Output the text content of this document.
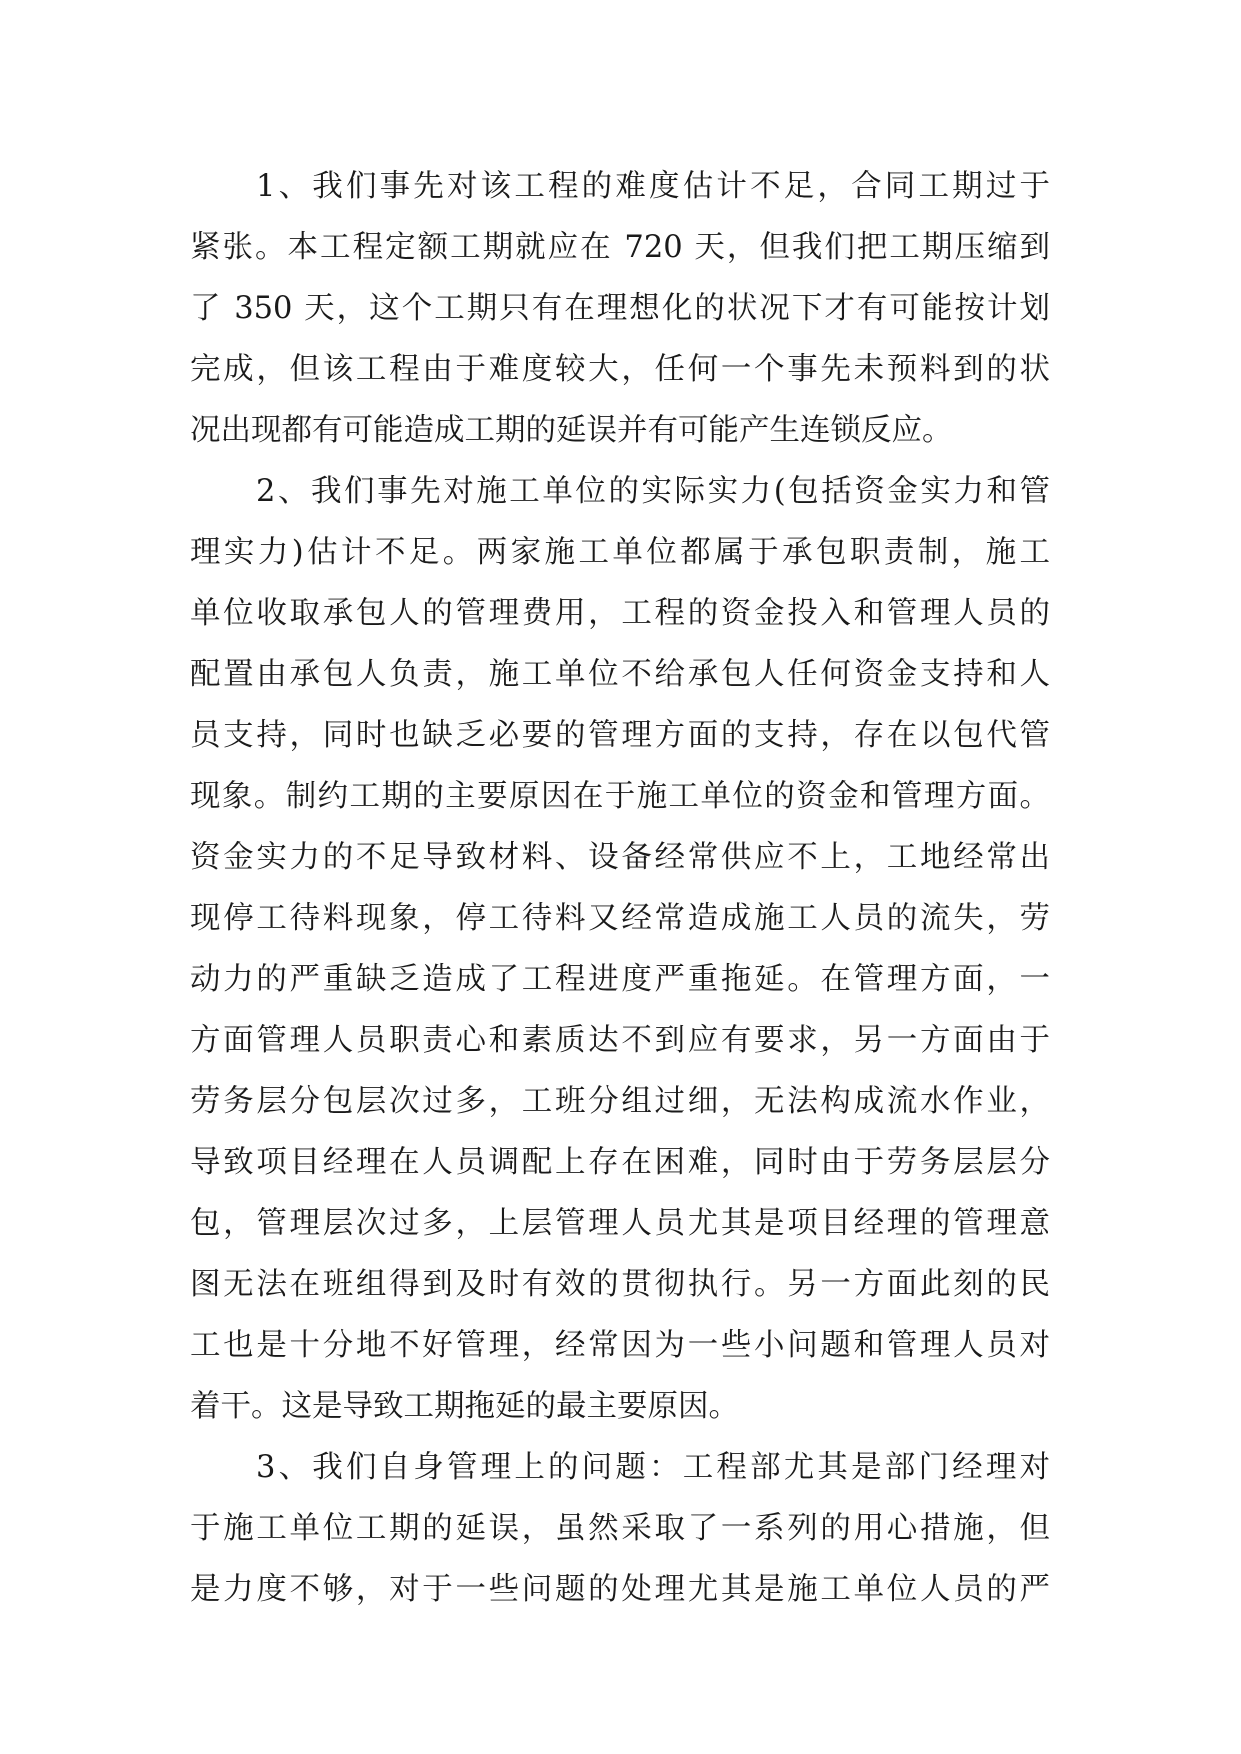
1、我们事先对该工程的难度估计不足，合同工期过于
紧张。本工程定额工期就应在 720 天，但我们把工期压缩到
了 350 天，这个工期只有在理想化的状况下才有可能按计划
完成，但该工程由于难度较大，任何一个事先未预料到的状
况出现都有可能造成工期的延误并有可能产生连锁反应。
2、我们事先对施工单位的实际实力(包括资金实力和管
理实力)估计不足。两家施工单位都属于承包职责制，施工
单位收取承包人的管理费用，工程的资金投入和管理人员的
配置由承包人负责，施工单位不给承包人任何资金支持和人
员支持，同时也缺乏必要的管理方面的支持，存在以包代管
现象。制约工期的主要原因在于施工单位的资金和管理方面。
资金实力的不足导致材料、设备经常供应不上，工地经常出
现停工待料现象，停工待料又经常造成施工人员的流失，劳
动力的严重缺乏造成了工程进度严重拖延。在管理方面，一
方面管理人员职责心和素质达不到应有要求，另一方面由于
劳务层分包层次过多，工班分组过细，无法构成流水作业，
导致项目经理在人员调配上存在困难，同时由于劳务层层分
包，管理层次过多，上层管理人员尤其是项目经理的管理意
图无法在班组得到及时有效的贯彻执行。另一方面此刻的民
工也是十分地不好管理，经常因为一些小问题和管理人员对
着干。这是导致工期拖延的最主要原因。
3、我们自身管理上的问题：工程部尤其是部门经理对
于施工单位工期的延误，虽然采取了一系列的用心措施，但
是力度不够，对于一些问题的处理尤其是施工单位人员的严
